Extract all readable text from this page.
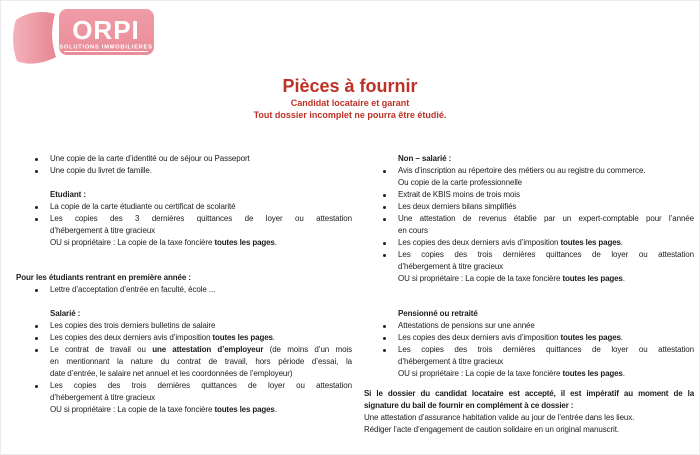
ORPI
SOLUTIONS IMMOBILIERES
Pièces à fournir
Candidat locataire et garant
Tout dossier incomplet ne pourra être étudié.
Une copie de la carte d’identité ou de séjour ou Passeport
Une copie du livret de famille.
Etudiant :
La copie de la carte étudiante ou certificat de scolarité
Les copies des 3 dernières quittances de loyer ou attestation
d’hébergement à titre gracieux
OU si propriétaire : La copie de la taxe foncière toutes les pages.
Pour les étudiants rentrant en première année :
Lettre d’acceptation d’entrée en faculté, école ...
Salarié :
Les copies des trois derniers bulletins de salaire
Les copies des deux derniers avis d’imposition toutes les pages.
Le contrat de travail ou une attestation d’employeur (de moins d’un mois
en mentionnant la nature du contrat de travail, hors période d’essai, la
date d’entrée, le salaire net annuel et les coordonnées de l’employeur)
Les copies des trois dernières quittances de loyer ou attestation
d’hébergement à titre gracieux
OU si propriétaire : La copie de la taxe foncière toutes les pages.
Non – salarié :
Avis d’inscription au répertoire des métiers ou au registre du commerce.
Ou copie de la carte professionnelle
Extrait de KBIS moins de trois mois
Les deux derniers bilans simplifiés
Une attestation de revenus établie par un expert-comptable pour l’année
en cours
Les copies des deux derniers avis d’imposition toutes les pages.
Les copies des trois dernières quittances de loyer ou attestation
d’hébergement à titre gracieux
OU si propriétaire : La copie de la taxe foncière toutes les pages.
Pensionné ou retraité
Attestations de pensions sur une année
Les copies des deux derniers avis d’imposition toutes les pages.
Les copies des trois dernières quittances de loyer ou attestation
d’hébergement à titre gracieux
OU si propriétaire : La copie de la taxe foncière toutes les pages.
Si le dossier du candidat locataire est accepté, il est impératif au moment de la
signature du bail de fournir en complément à ce dossier :
Une attestation d’assurance habitation valide au jour de l’entrée dans les lieux.
Rédiger l’acte d’engagement de caution solidaire en un original manuscrit.
